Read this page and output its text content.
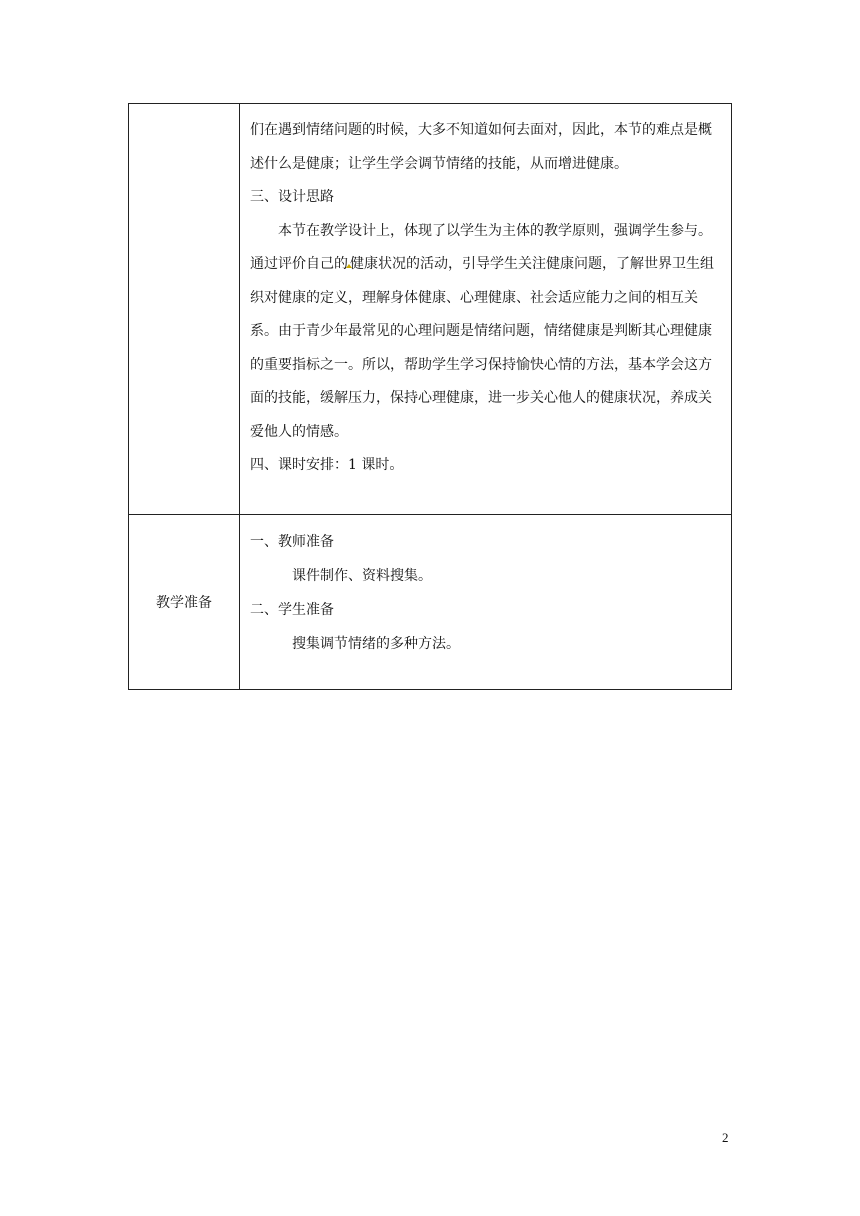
	们在遇到情绪问题的时候，大多不知道如何去面对，因此，本节的难点是概述什么是健康；让学生学会调节情绪的技能，从而增进健康。

三、设计思路

本节在教学设计上，体现了以学生为主体的教学原则，强调学生参与。通过评价自己的 健康状况的活动，引导学生关注健康问题，了解世界卫生组织对健康的定义，理解身体健康、心理健康、社会适应能力之间的相互关系。由于青少年最常见的心理问题是情绪问题，情绪健康是判断其心理健康的重要指标之一。所以，帮助学生学习保持愉快心情的方法，基本学会这方面的技能，缓解压力，保持心理健康，进一步关心他人的健康状况，养成关爱他人的情感。

四、课时安排：1 课时。

教学准备	一、教师准备
课件制作、资料搜集。
二、学生准备
搜集调节情绪的多种方法。
2
